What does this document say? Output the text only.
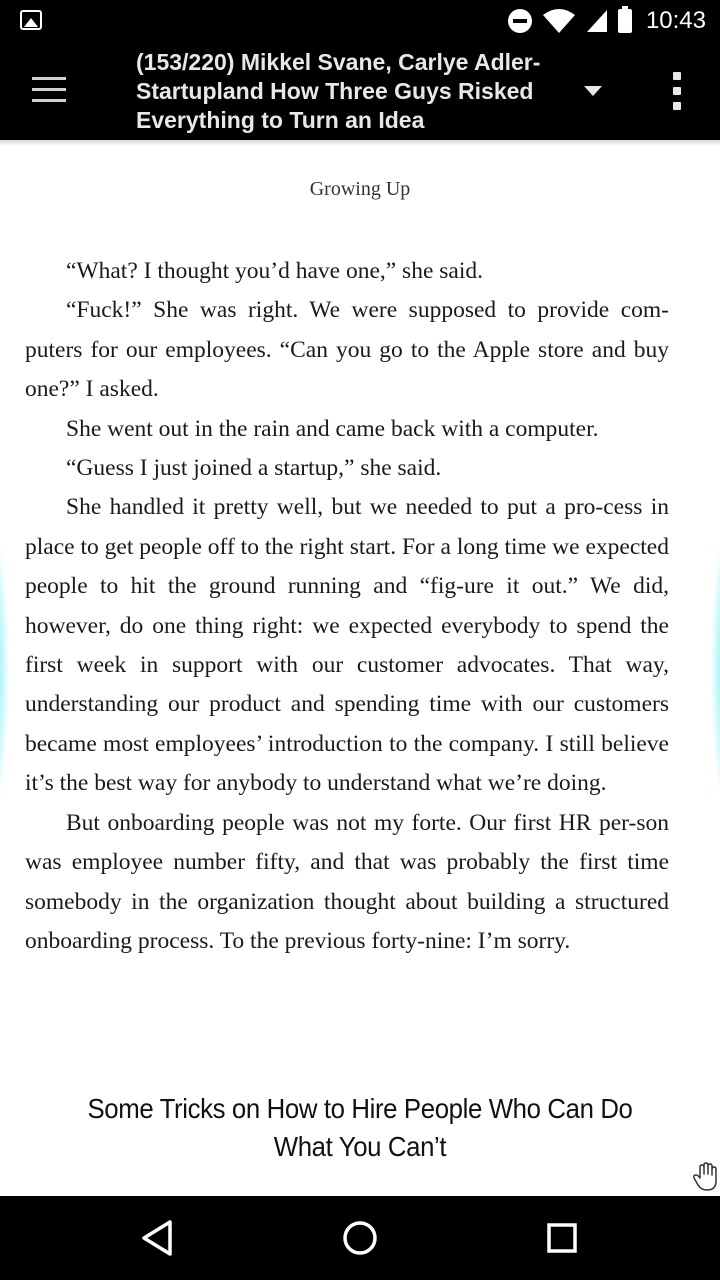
10:43
(153/220) Mikkel Svane, Carlye Adler-Startupland How Three Guys Risked Everything to Turn an Idea
Growing Up

“What? I thought you’d have one,” she said.

“Fuck!” She was right. We were supposed to provide com-puters for our employees. “Can you go to the Apple store and buy one?” I asked.

She went out in the rain and came back with a computer.

“Guess I just joined a startup,” she said.

She handled it pretty well, but we needed to put a pro-cess in place to get people off to the right start. For a long time we expected people to hit the ground running and “fig-ure it out.” We did, however, do one thing right: we expected everybody to spend the first week in support with our customer advocates. That way, understanding our product and spending time with our customers became most employees’ introduction to the company. I still believe it’s the best way for anybody to understand what we’re doing.

But onboarding people was not my forte. Our first HR per-son was employee number fifty, and that was probably the first time somebody in the organization thought about building a structured onboarding process. To the previous forty-nine: I’m sorry.

Some Tricks on How to Hire People Who Can Do What You Can’t
